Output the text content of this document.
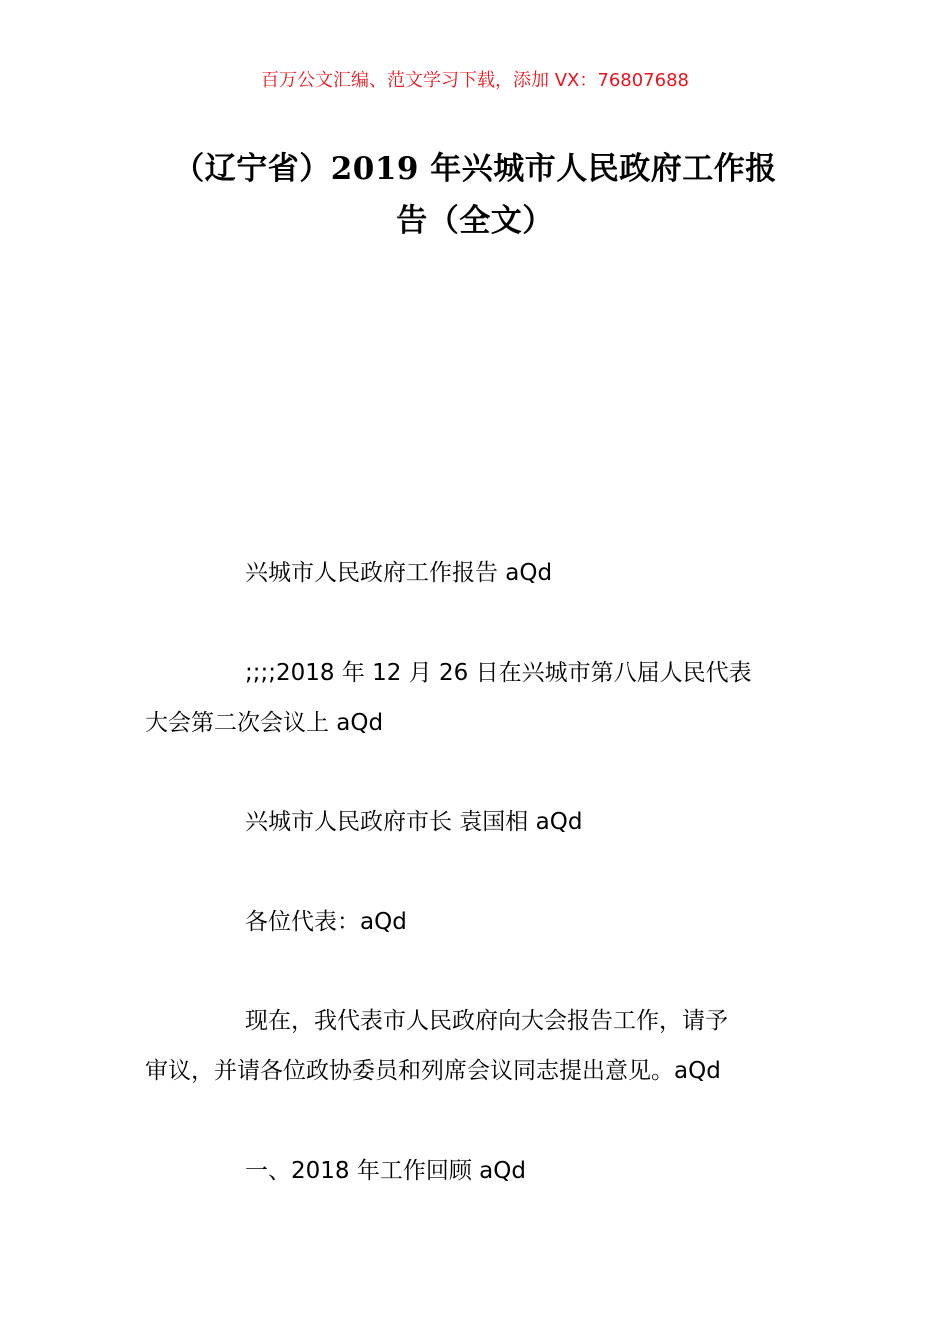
百万公文汇编、范文学习下载，添加 VX：76807688
（辽宁省）2019 年兴城市人民政府工作报
告（全文）
兴城市人民政府工作报告 aQd
;;;;2018 年 12 月 26 日在兴城市第八届人民代表
大会第二次会议上 aQd
兴城市人民政府市长 袁国相 aQd
各位代表：aQd
现在，我代表市人民政府向大会报告工作，请予
审议，并请各位政协委员和列席会议同志提出意见。aQd
一、2018 年工作回顾 aQd
